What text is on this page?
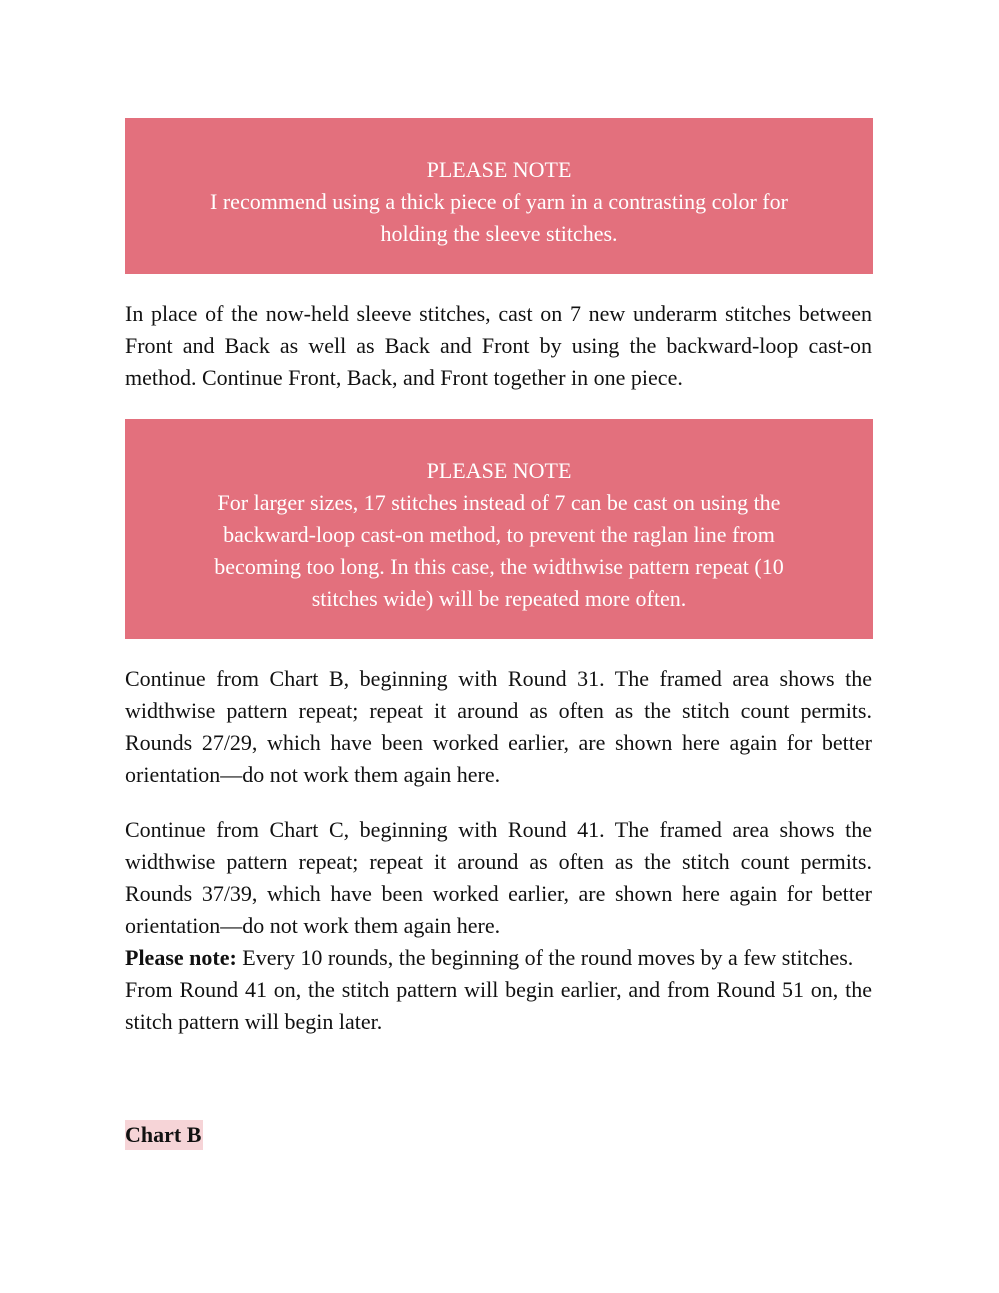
PLEASE NOTE
I recommend using a thick piece of yarn in a contrasting color for holding the sleeve stitches.

In place of the now-held sleeve stitches, cast on 7 new underarm stitches between Front and Back as well as Back and Front by using the backward-loop cast-on method. Continue Front, Back, and Front together in one piece.

PLEASE NOTE
For larger sizes, 17 stitches instead of 7 can be cast on using the backward-loop cast-on method, to prevent the raglan line from becoming too long. In this case, the widthwise pattern repeat (10 stitches wide) will be repeated more often.

Continue from Chart B, beginning with Round 31. The framed area shows the widthwise pattern repeat; repeat it around as often as the stitch count permits. Rounds 27/29, which have been worked earlier, are shown here again for better orientation—do not work them again here.

Continue from Chart C, beginning with Round 41. The framed area shows the widthwise pattern repeat; repeat it around as often as the stitch count permits. Rounds 37/39, which have been worked earlier, are shown here again for better orientation—do not work them again here.
Please note: Every 10 rounds, the beginning of the round moves by a few stitches.
From Round 41 on, the stitch pattern will begin earlier, and from Round 51 on, the stitch pattern will begin later.
Chart B
